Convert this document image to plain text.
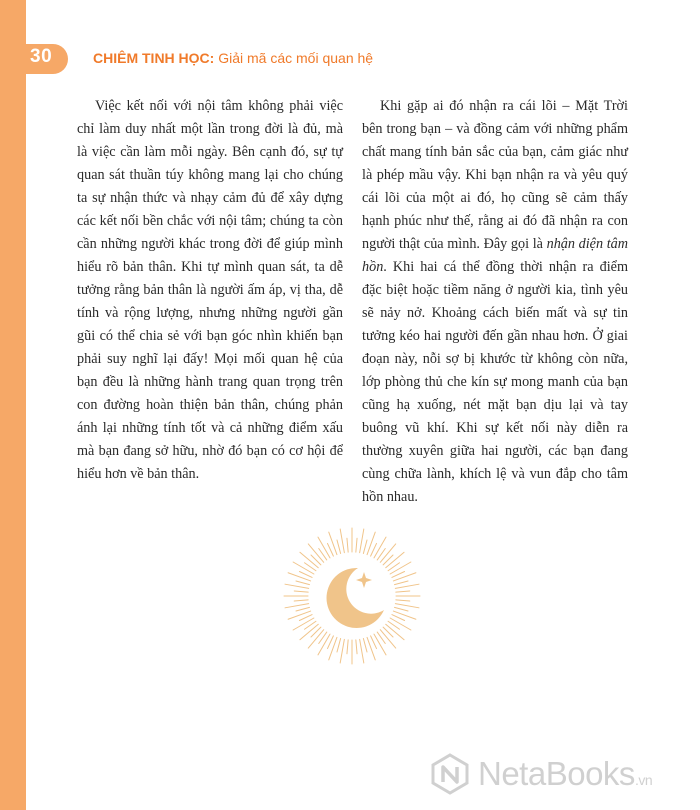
30	CHIÊM TINH HỌC: Giải mã các mối quan hệ

Việc kết nối với nội tâm không phải việc chỉ làm duy nhất một lần trong đời là đủ, mà là việc cần làm mỗi ngày. Bên cạnh đó, sự tự quan sát thuần túy không mang lại cho chúng ta sự nhận thức và nhạy cảm đủ để xây dựng các kết nối bền chắc với nội tâm; chúng ta còn cần những người khác trong đời để giúp mình hiểu rõ bản thân. Khi tự mình quan sát, ta dễ tưởng rằng bản thân là người ấm áp, vị tha, dễ tính và rộng lượng, nhưng những người gần gũi có thể chia sẻ với bạn góc nhìn khiến bạn phải suy nghĩ lại đấy! Mọi mối quan hệ của bạn đều là những hành trang quan trọng trên con đường hoàn thiện bản thân, chúng phản ánh lại những tính tốt và cả những điểm xấu mà bạn đang sở hữu, nhờ đó bạn có cơ hội để hiểu hơn về bản thân.

Khi gặp ai đó nhận ra cái lõi – Mặt Trời bên trong bạn – và đồng cảm với những phẩm chất mang tính bản sắc của bạn, cảm giác như là phép mầu vậy. Khi bạn nhận ra và yêu quý cái lõi của một ai đó, họ cũng sẽ cảm thấy hạnh phúc như thế, rằng ai đó đã nhận ra con người thật của mình. Đây gọi là nhận diện tâm hồn. Khi hai cá thể đồng thời nhận ra điểm đặc biệt hoặc tiềm năng ở người kia, tình yêu sẽ nảy nở. Khoảng cách biến mất và sự tin tưởng kéo hai người đến gần nhau hơn. Ở giai đoạn này, nỗi sợ bị khước từ không còn nữa, lớp phòng thủ che kín sự mong manh của bạn cũng hạ xuống, nét mặt bạn dịu lại và tay buông vũ khí. Khi sự kết nối này diễn ra thường xuyên giữa hai người, các bạn đang cùng chữa lành, khích lệ và vun đắp cho tâm hồn nhau.

NetaBooks.vn
